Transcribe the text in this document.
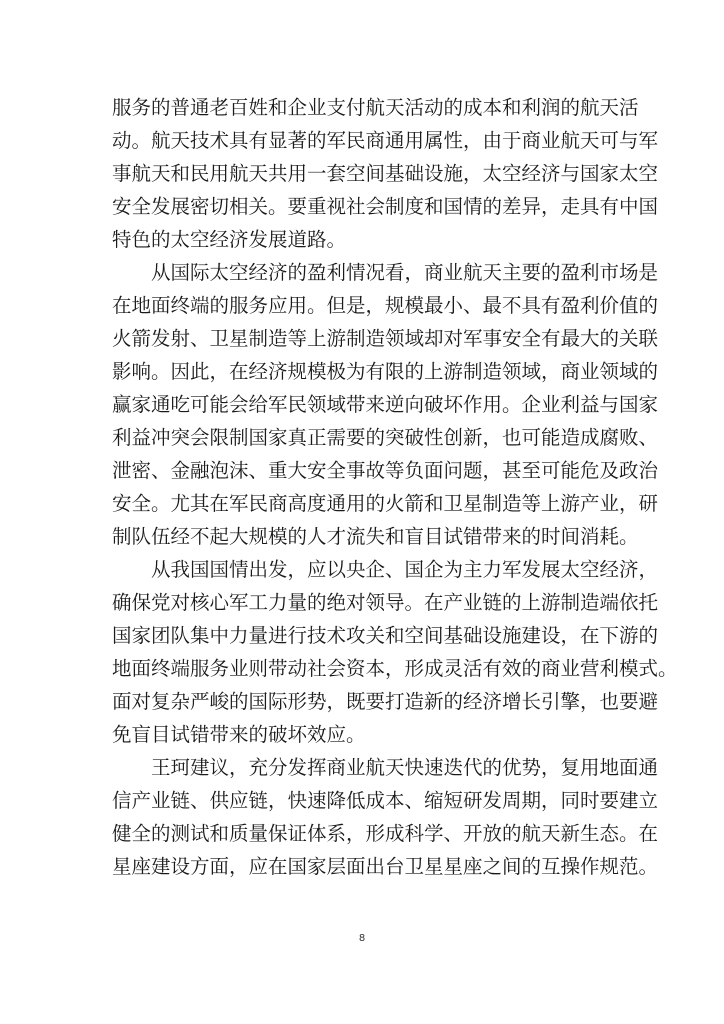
服务的普通老百姓和企业支付航天活动的成本和利润的航天活
动。航天技术具有显著的军民商通用属性，由于商业航天可与军
事航天和民用航天共用一套空间基础设施，太空经济与国家太空
安全发展密切相关。要重视社会制度和国情的差异，走具有中国
特色的太空经济发展道路。
从国际太空经济的盈利情况看，商业航天主要的盈利市场是
在地面终端的服务应用。但是，规模最小、最不具有盈利价值的
火箭发射、卫星制造等上游制造领域却对军事安全有最大的关联
影响。因此，在经济规模极为有限的上游制造领域，商业领域的
赢家通吃可能会给军民领域带来逆向破坏作用。企业利益与国家
利益冲突会限制国家真正需要的突破性创新，也可能造成腐败、
泄密、金融泡沫、重大安全事故等负面问题，甚至可能危及政治
安全。尤其在军民商高度通用的火箭和卫星制造等上游产业，研
制队伍经不起大规模的人才流失和盲目试错带来的时间消耗。
从我国国情出发，应以央企、国企为主力军发展太空经济，
确保党对核心军工力量的绝对领导。在产业链的上游制造端依托
国家团队集中力量进行技术攻关和空间基础设施建设，在下游的
地面终端服务业则带动社会资本，形成灵活有效的商业营利模式。
面对复杂严峻的国际形势，既要打造新的经济增长引擎，也要避
免盲目试错带来的破坏效应。
王珂建议，充分发挥商业航天快速迭代的优势，复用地面通
信产业链、供应链，快速降低成本、缩短研发周期，同时要建立
健全的测试和质量保证体系，形成科学、开放的航天新生态。在
星座建设方面，应在国家层面出台卫星星座之间的互操作规范。
8
